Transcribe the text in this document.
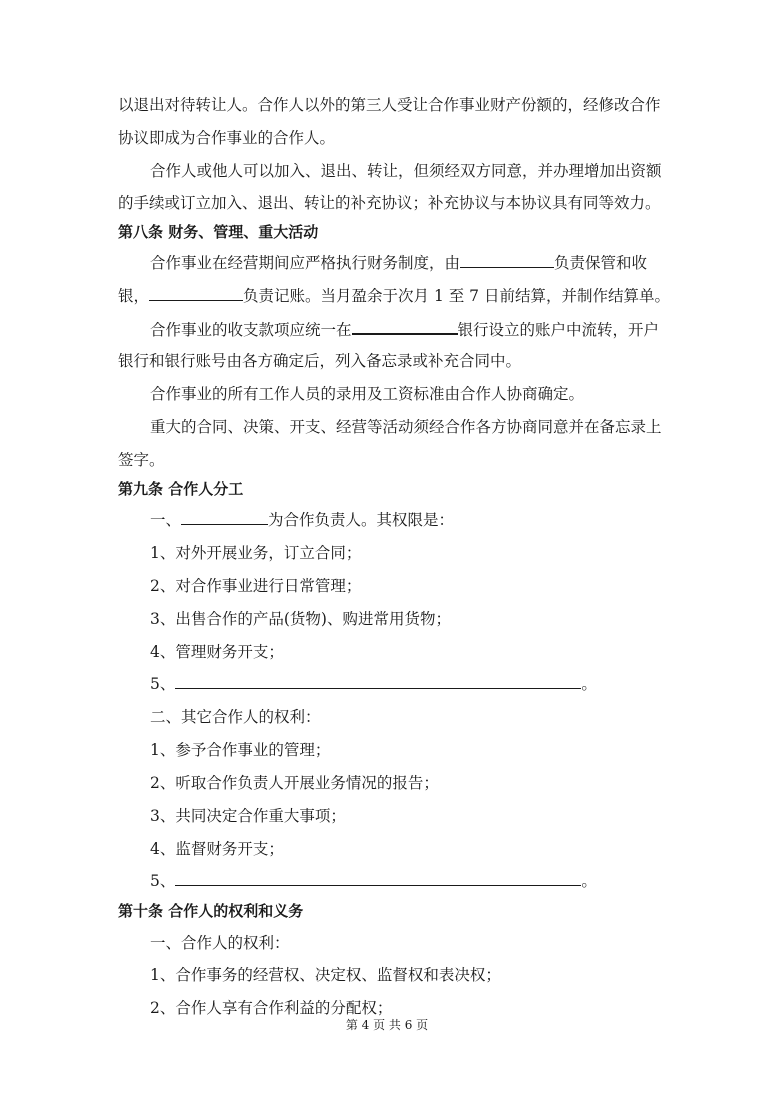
以退出对待转让人。合作人以外的第三人受让合作事业财产份额的，经修改合作
协议即成为合作事业的合作人。
合作人或他人可以加入、退出、转让，但须经双方同意，并办理增加出资额
的手续或订立加入、退出、转让的补充协议；补充协议与本协议具有同等效力。
第八条 财务、管理、重大活动
合作事业在经营期间应严格执行财务制度，由	负责保管和收
银，	负责记账。当月盈余于次月 1 至 7 日前结算，并制作结算单。
合作事业的收支款项应统一在	银行设立的账户中流转，开户
银行和银行账号由各方确定后，列入备忘录或补充合同中。
合作事业的所有工作人员的录用及工资标准由合作人协商确定。
重大的合同、决策、开支、经营等活动须经合作各方协商同意并在备忘录上
签字。
第九条 合作人分工
一、	为合作负责人。其权限是：
1、对外开展业务，订立合同；
2、对合作事业进行日常管理；
3、出售合作的产品(货物)、购进常用货物；
4、管理财务开支；
5、	。
二、其它合作人的权利：
1、参予合作事业的管理；
2、听取合作负责人开展业务情况的报告；
3、共同决定合作重大事项；
4、监督财务开支；
5、	。
第十条 合作人的权利和义务
一、合作人的权利：
1、合作事务的经营权、决定权、监督权和表决权；
2、合作人享有合作利益的分配权；
第 4 页 共 6 页
